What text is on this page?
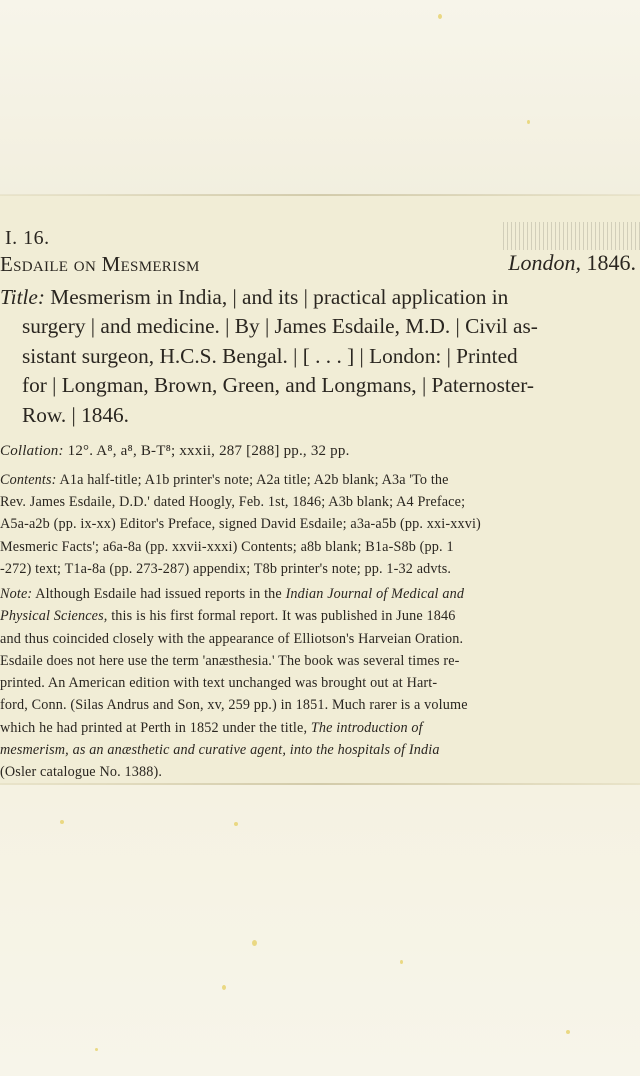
I. 16.
Esdaile on Mesmerism	London, 1846.
Title: Mesmerism in India, | and its | practical application in
surgery | and medicine. | By | James Esdaile, M.D. | Civil as-
sistant surgeon, H.C.S. Bengal. | [ . . . ] | London: | Printed
for | Longman, Brown, Green, and Longmans, | Paternoster-
Row. | 1846.
Collation: 12°. A⁸, a⁸, B-T⁸; xxxii, 287 [288] pp., 32 pp.
Contents: A1a half-title; A1b printer's note; A2a title; A2b blank; A3a 'To the
Rev. James Esdaile, D.D.' dated Hoogly, Feb. 1st, 1846; A3b blank; A4 Preface;
A5a-a2b (pp. ix-xx) Editor's Preface, signed David Esdaile; a3a-a5b (pp. xxi-xxvi)
Mesmeric Facts'; a6a-8a (pp. xxvii-xxxi) Contents; a8b blank; B1a-S8b (pp. 1
-272) text; T1a-8a (pp. 273-287) appendix; T8b printer's note; pp. 1-32 advts.
Note: Although Esdaile had issued reports in the Indian Journal of Medical and
Physical Sciences, this is his first formal report. It was published in June 1846
and thus coincided closely with the appearance of Elliotson's Harveian Oration.
Esdaile does not here use the term 'anæsthesia.' The book was several times re-
printed. An American edition with text unchanged was brought out at Hart-
ford, Conn. (Silas Andrus and Son, xv, 259 pp.) in 1851. Much rarer is a volume
which he had printed at Perth in 1852 under the title, The introduction of
mesmerism, as an anæsthetic and curative agent, into the hospitals of India
(Osler catalogue No. 1388).
